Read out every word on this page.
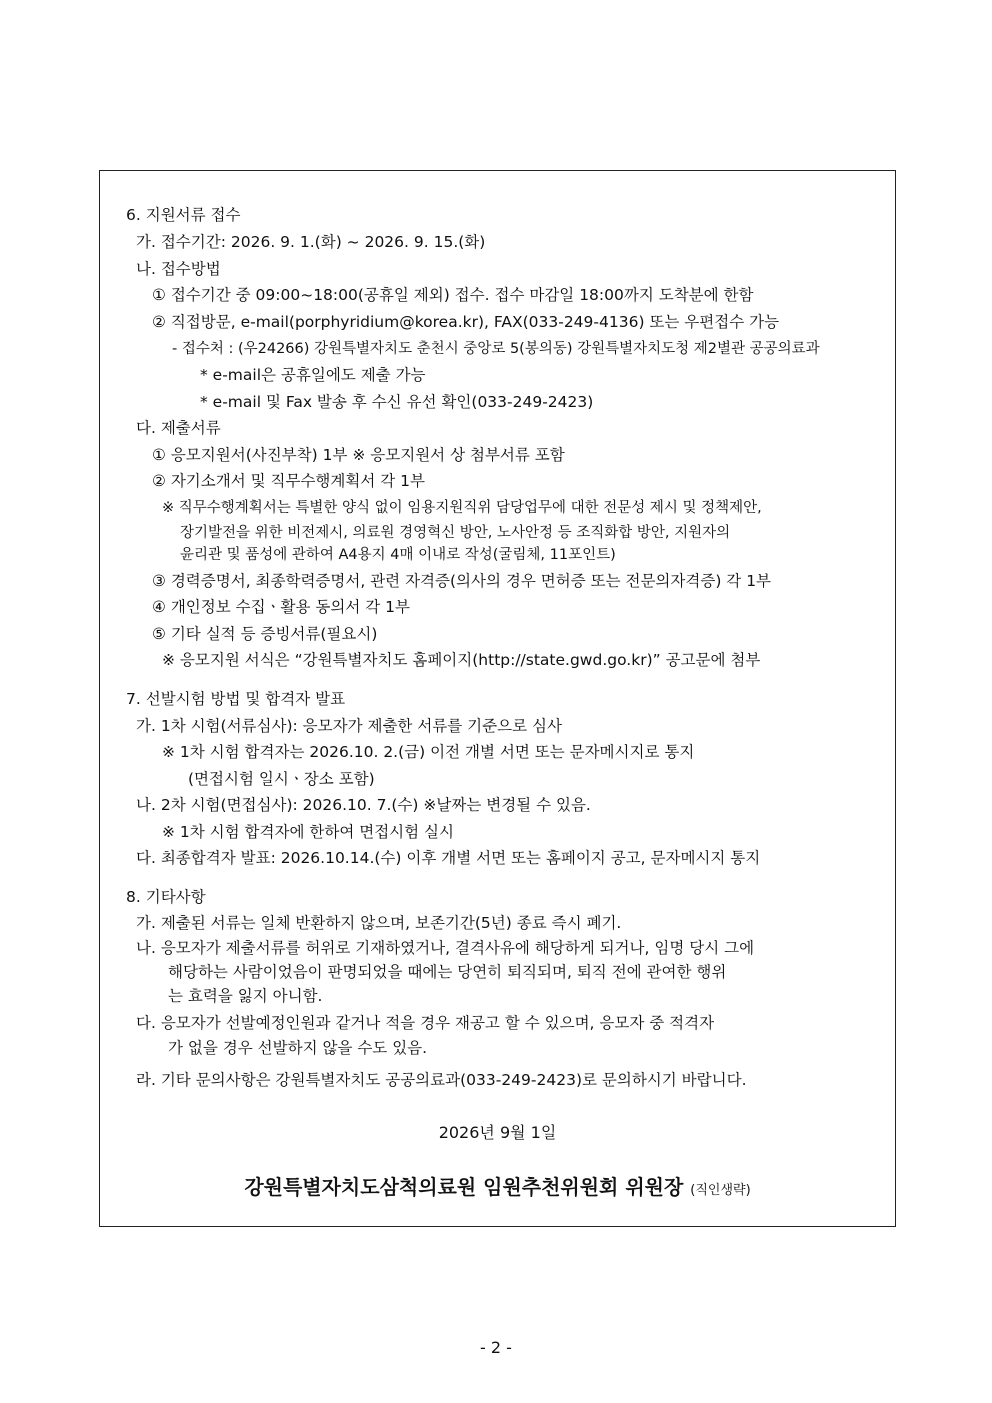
6. 지원서류 접수
가. 접수기간: 2026. 9. 1.(화) ~ 2026. 9. 15.(화)
나. 접수방법
① 접수기간 중 09:00~18:00(공휴일 제외) 접수. 접수 마감일 18:00까지 도착분에 한함
② 직접방문, e-mail(porphyridium@korea.kr), FAX(033-249-4136) 또는 우편접수 가능
- 접수처 : (우24266) 강원특별자치도 춘천시 중앙로 5(봉의동) 강원특별자치도청 제2별관 공공의료과
* e-mail은 공휴일에도 제출 가능
* e-mail 및 Fax 발송 후 수신 유선 확인(033-249-2423)
다. 제출서류
① 응모지원서(사진부착) 1부 ※ 응모지원서 상 첨부서류 포함
② 자기소개서 및 직무수행계획서 각 1부
※ 직무수행계획서는 특별한 양식 없이 임용지원직위 담당업무에 대한 전문성 제시 및 정책제안,
장기발전을 위한 비전제시, 의료원 경영혁신 방안, 노사안정 등 조직화합 방안, 지원자의
윤리관 및 품성에 관하여 A4용지 4매 이내로 작성(굴림체, 11포인트)
③ 경력증명서, 최종학력증명서, 관련 자격증(의사의 경우 면허증 또는 전문의자격증) 각 1부
④ 개인정보 수집ㆍ활용 동의서 각 1부
⑤ 기타 실적 등 증빙서류(필요시)
※ 응모지원 서식은 “강원특별자치도 홈페이지(http://state.gwd.go.kr)” 공고문에 첨부
7. 선발시험 방법 및 합격자 발표
가. 1차 시험(서류심사): 응모자가 제출한 서류를 기준으로 심사
※ 1차 시험 합격자는 2026.10. 2.(금) 이전 개별 서면 또는 문자메시지로 통지
(면접시험 일시ㆍ장소 포함)
나. 2차 시험(면접심사): 2026.10. 7.(수) ※날짜는 변경될 수 있음.
※ 1차 시험 합격자에 한하여 면접시험 실시
다. 최종합격자 발표: 2026.10.14.(수) 이후 개별 서면 또는 홈페이지 공고, 문자메시지 통지
8. 기타사항
가. 제출된 서류는 일체 반환하지 않으며, 보존기간(5년) 종료 즉시 폐기.
나. 응모자가 제출서류를 허위로 기재하였거나, 결격사유에 해당하게 되거나, 임명 당시 그에
해당하는 사람이었음이 판명되었을 때에는 당연히 퇴직되며, 퇴직 전에 관여한 행위
는 효력을 잃지 아니함.
다. 응모자가 선발예정인원과 같거나 적을 경우 재공고 할 수 있으며, 응모자 중 적격자
가 없을 경우 선발하지 않을 수도 있음.
라. 기타 문의사항은 강원특별자치도 공공의료과(033-249-2423)로 문의하시기 바랍니다.
2026년 9월 1일
강원특별자치도삼척의료원 임원추천위원회 위원장 (직인생략)
- 2 -
